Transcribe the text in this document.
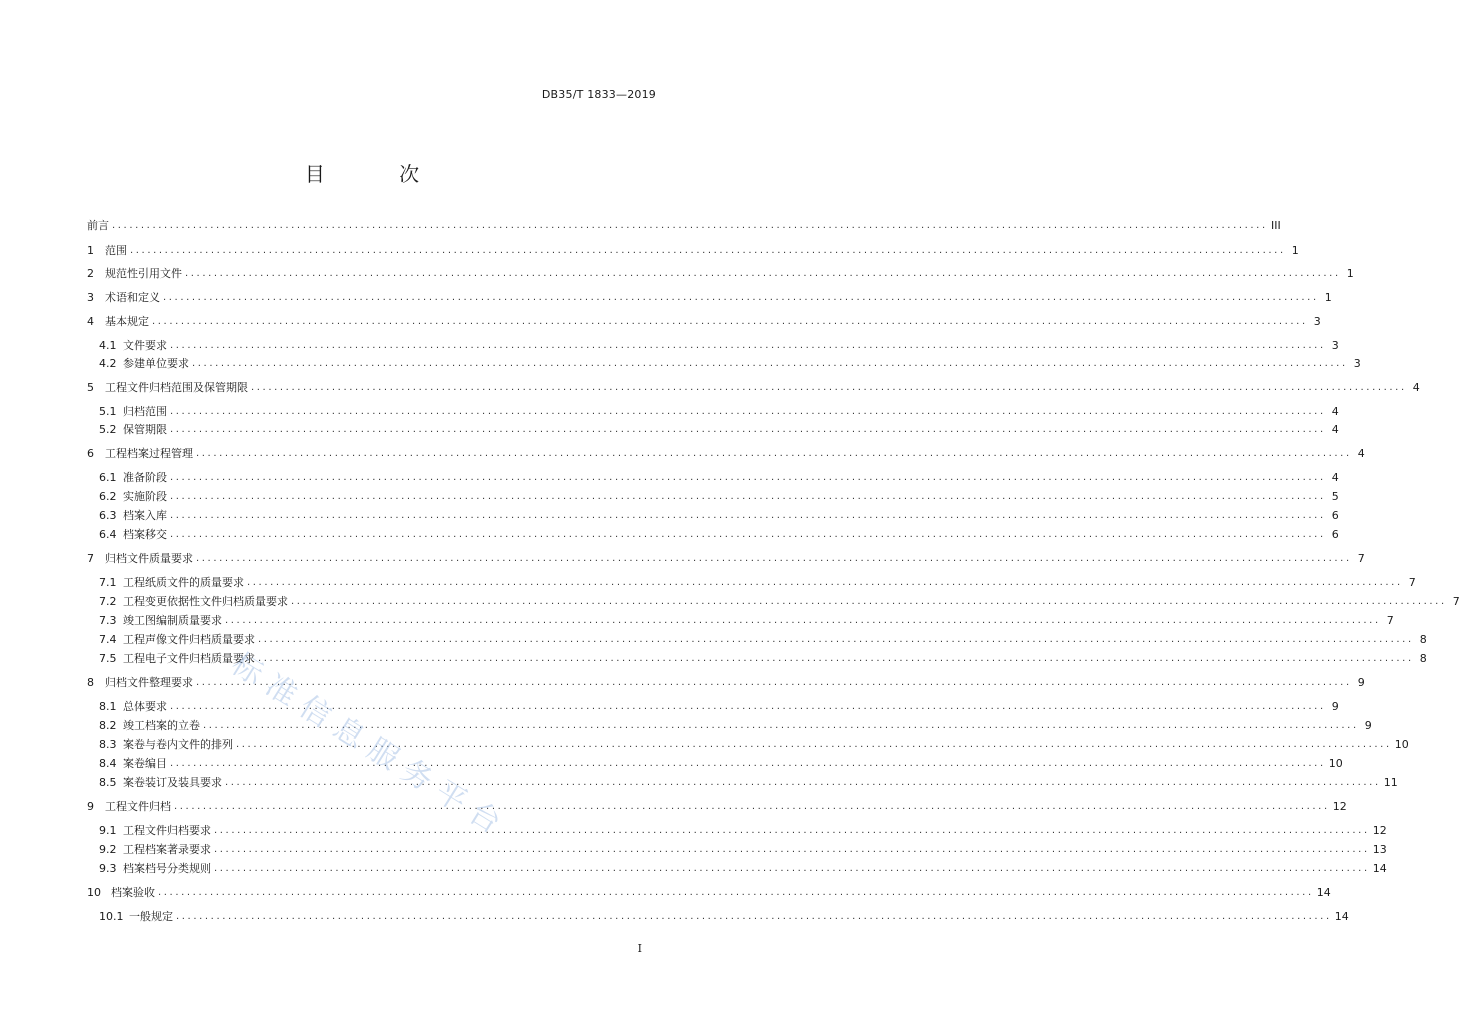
DB35/T 1833—2019
目 次
前言 ........................................................................................................................................................................................................ III
1	范围 ........................................................................................................................................................................................................ 1
2	规范性引用文件 ........................................................................................................................................................................................................ 1
3	术语和定义 ........................................................................................................................................................................................................ 1
4	基本规定 ........................................................................................................................................................................................................ 3
4.1 文件要求 ........................................................................................................................................................................................................ 3
4.2 参建单位要求 ........................................................................................................................................................................................................ 3
5	工程文件归档范围及保管期限 ........................................................................................................................................................................................................ 4
5.1 归档范围 ........................................................................................................................................................................................................ 4
5.2 保管期限 ........................................................................................................................................................................................................ 4
6	工程档案过程管理 ........................................................................................................................................................................................................ 4
6.1 准备阶段 ........................................................................................................................................................................................................ 4
6.2 实施阶段 ........................................................................................................................................................................................................ 5
6.3 档案入库 ........................................................................................................................................................................................................ 6
6.4 档案移交 ........................................................................................................................................................................................................ 6
7	归档文件质量要求 ........................................................................................................................................................................................................ 7
7.1 工程纸质文件的质量要求 ........................................................................................................................................................................................................ 7
7.2 工程变更依据性文件归档质量要求 ........................................................................................................................................................................................................ 7
7.3 竣工图编制质量要求 ........................................................................................................................................................................................................ 7
7.4 工程声像文件归档质量要求 ........................................................................................................................................................................................................ 8
7.5 工程电子文件归档质量要求 ........................................................................................................................................................................................................ 8
8	归档文件整理要求 ........................................................................................................................................................................................................ 9
8.1 总体要求 ........................................................................................................................................................................................................ 9
8.2 竣工档案的立卷 ........................................................................................................................................................................................................ 9
8.3 案卷与卷内文件的排列 ........................................................................................................................................................................................................ 10
8.4 案卷编目 ........................................................................................................................................................................................................ 10
8.5 案卷装订及装具要求 ........................................................................................................................................................................................................ 11
9	工程文件归档 ........................................................................................................................................................................................................ 12
9.1 工程文件归档要求 ........................................................................................................................................................................................................ 12
9.2 工程档案著录要求 ........................................................................................................................................................................................................ 13
9.3 档案档号分类规则 ........................................................................................................................................................................................................ 14
10 档案验收 ........................................................................................................................................................................................................ 14
10.1 一般规定 ........................................................................................................................................................................................................ 14
标准信息服务平台
I
